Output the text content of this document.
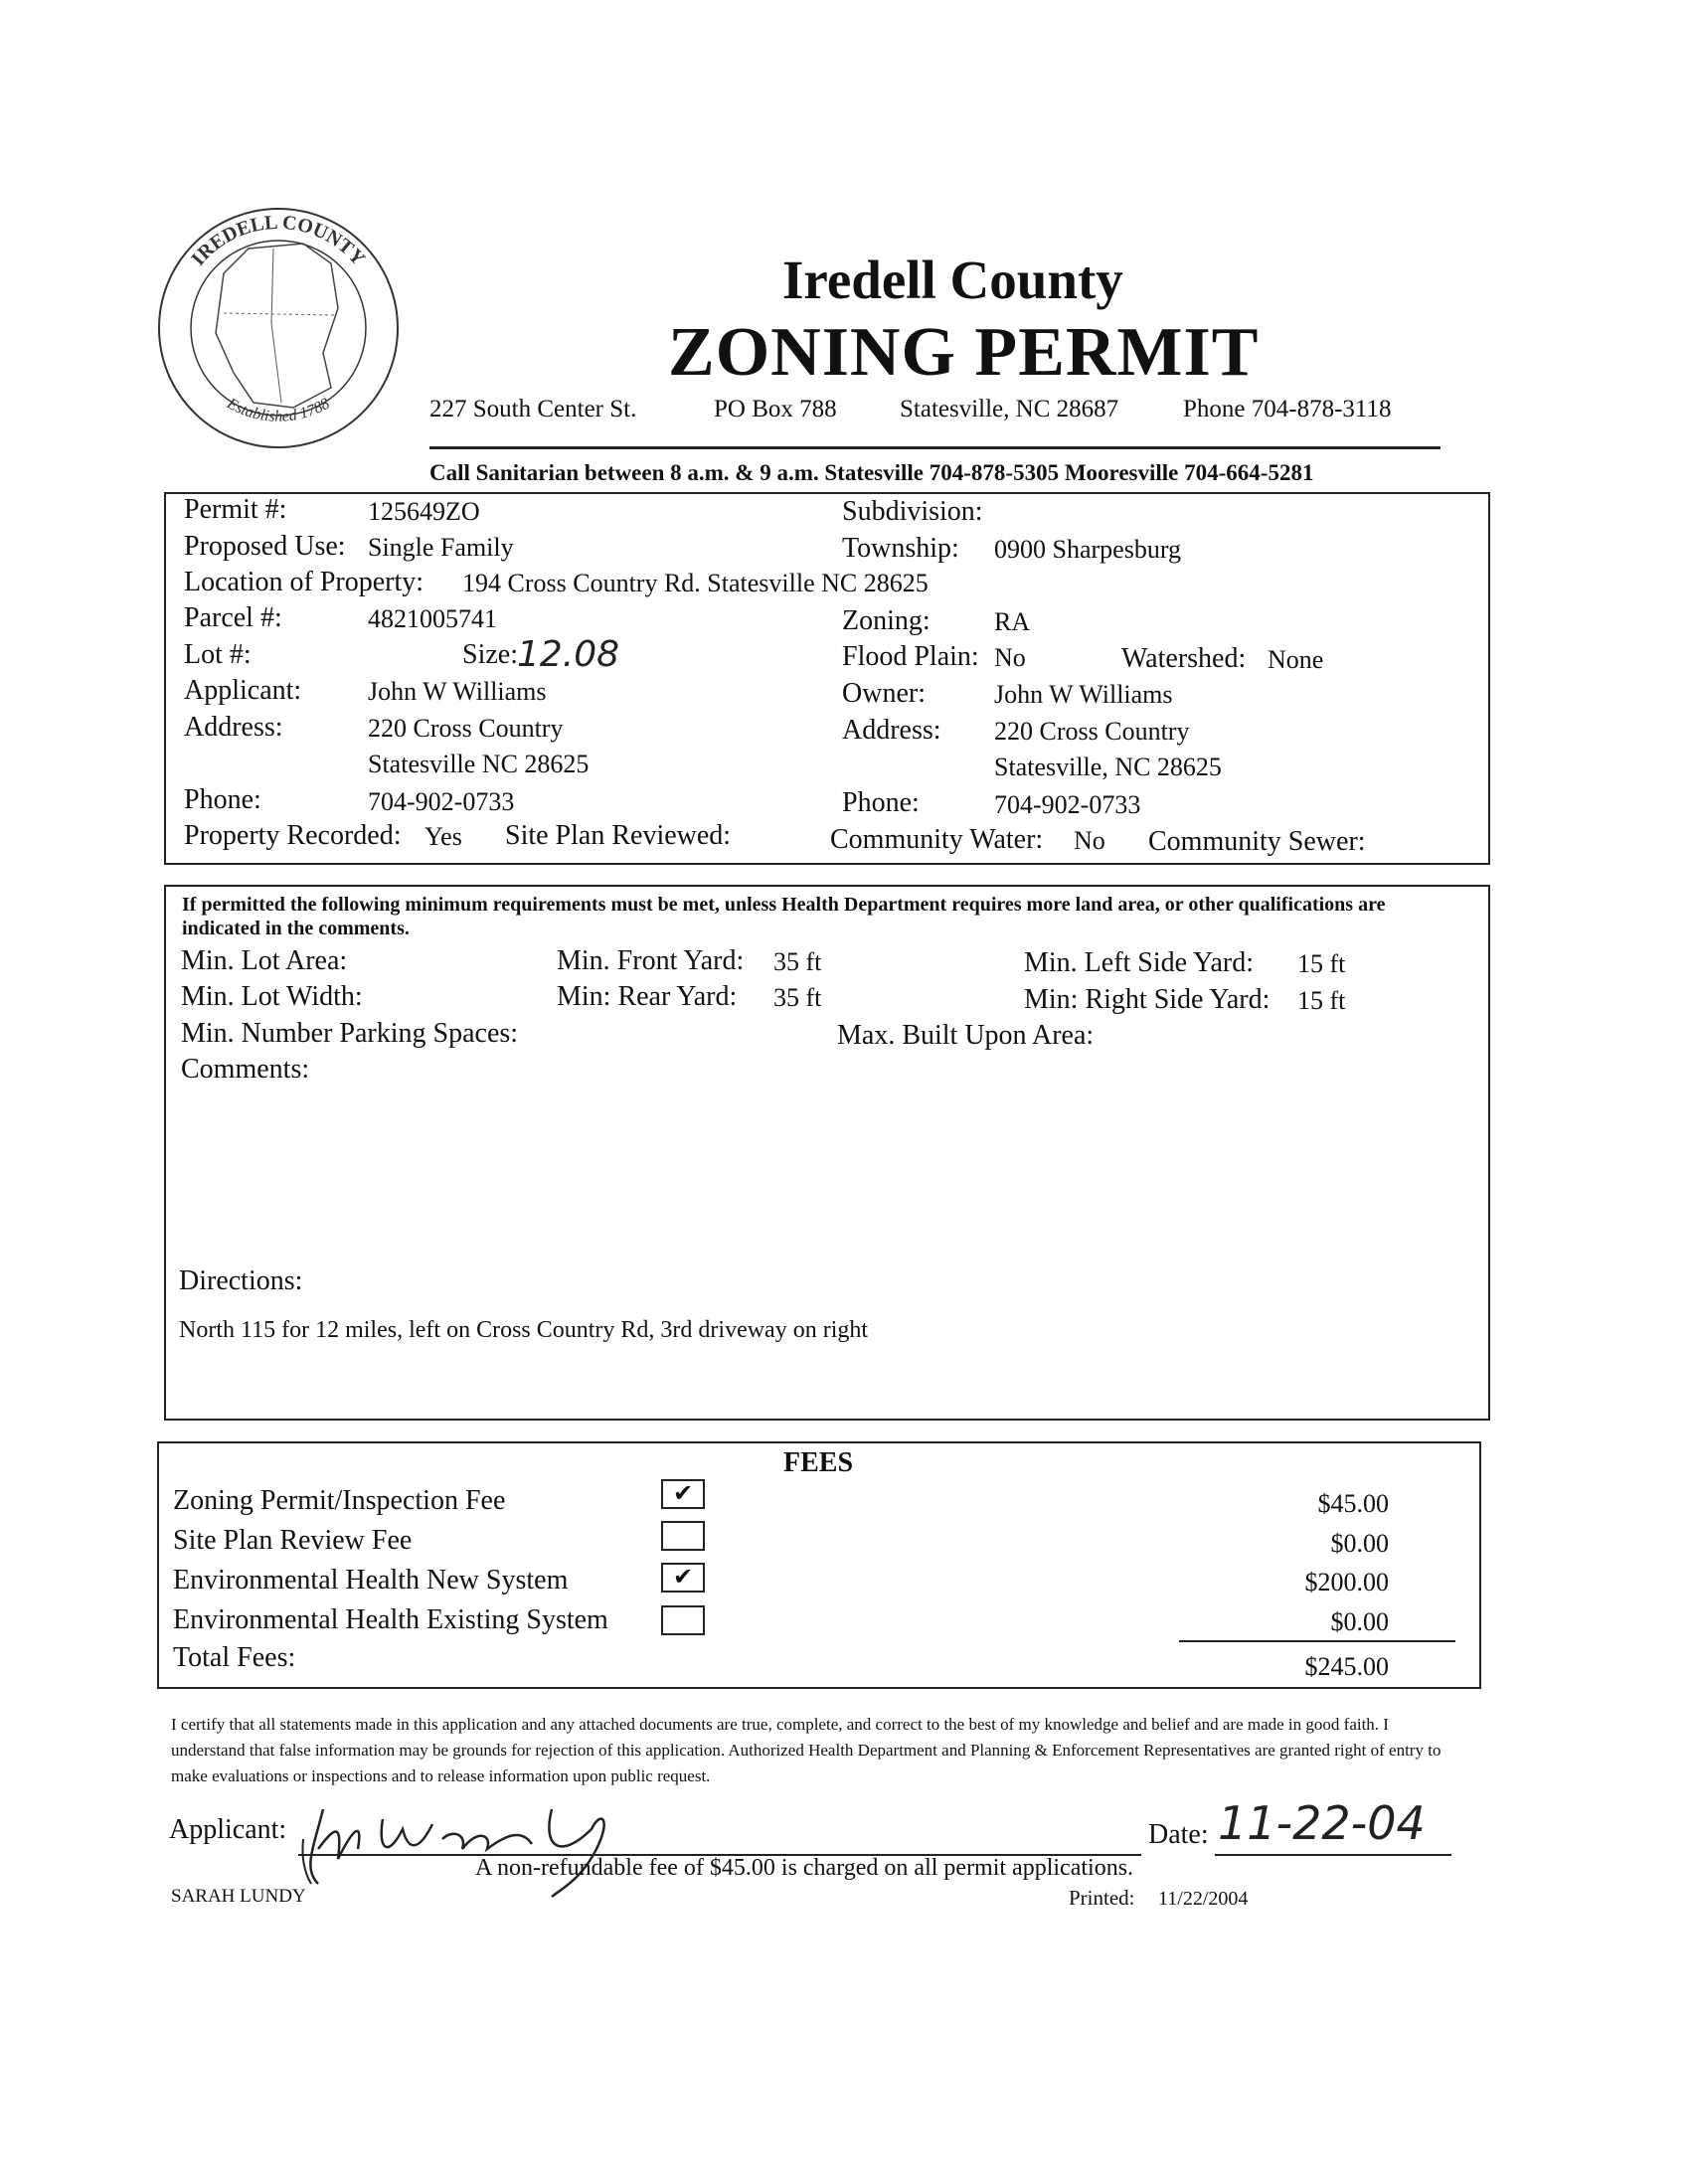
IREDELL COUNTY
Established 1788
Iredell County
ZONING PERMIT
227 South Center St.	PO Box 788	Statesville, NC 28687	Phone 704-878-3118
Call Sanitarian between 8 a.m. & 9 a.m. Statesville 704-878-5305 Mooresville 704-664-5281
Permit #:	125649ZO	Subdivision:
Proposed Use: Single Family	Township: 0900 Sharpesburg
Location of Property: 194 Cross Country Rd. Statesville NC 28625
Parcel #:	4821005741	Zoning: RA
Lot #:	Size: 12.08	Flood Plain: No	Watershed: None
Applicant:	John W Williams	Owner:	John W Williams
Address:	220 Cross Country	Address: 220 Cross Country
Statesville NC 28625	Statesville, NC 28625
Phone:	704-902-0733	Phone:	704-902-0733
Property Recorded: Yes Site Plan Reviewed:	Community Water: No Community Sewer:
If permitted the following minimum requirements must be met, unless Health Department requires more land area, or other qualifications are indicated in the comments.
Min. Lot Area:	Min. Front Yard: 35 ft	Min. Left Side Yard: 15 ft
Min. Lot Width:	Min: Rear Yard: 35 ft	Min: Right Side Yard: 15 ft
Min. Number Parking Spaces:	Max. Built Upon Area:
Comments:
Directions:
North 115 for 12 miles, left on Cross Country Rd, 3rd driveway on right
FEES
Zoning Permit/Inspection Fee	✔	$45.00
Site Plan Review Fee	$0.00
Environmental Health New System	✔	$200.00
Environmental Health Existing System	$0.00
Total Fees:	$245.00
I certify that all statements made in this application and any attached documents are true, complete, and correct to the best of my knowledge and belief and are made in good faith. I understand that false information may be grounds for rejection of this application. Authorized Health Department and Planning & Enforcement Representatives are granted right of entry to make evaluations or inspections and to release information upon public request.
Applicant:	Date: 11-22-04
A non-refundable fee of $45.00 is charged on all permit applications.
SARAH LUNDY	Printed: 11/22/2004
